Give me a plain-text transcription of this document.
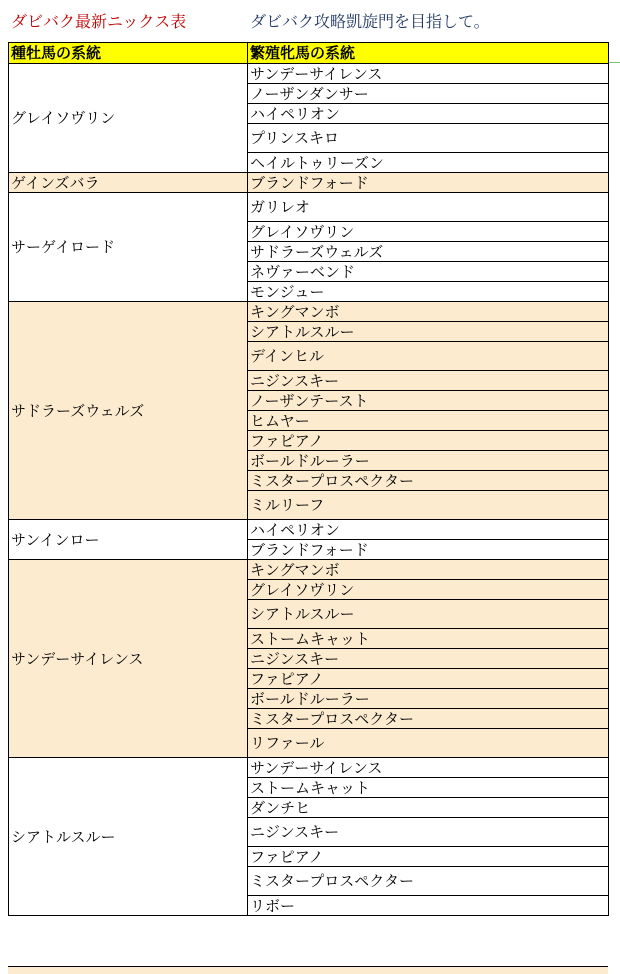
ダビバク最新ニックス表	ダビバク攻略凱旋門を目指して。
種牡馬の系統	繁殖牝馬の系統
グレイソヴリン	サンデーサイレンス
	ノーザンダンサー
	ハイペリオン
	プリンスキロ
	ヘイルトゥリーズン
ゲインズバラ	ブランドフォード
サーゲイロード	ガリレオ
	グレイソヴリン
	サドラーズウェルズ
	ネヴァーベンド
	モンジュー
サドラーズウェルズ	キングマンボ
	シアトルスルー
	デインヒル
	ニジンスキー
	ノーザンテースト
	ヒムヤー
	ファピアノ
	ボールドルーラー
	ミスタープロスペクター
	ミルリーフ
サンインロー	ハイペリオン
	ブランドフォード
サンデーサイレンス	キングマンボ
	グレイソヴリン
	シアトルスルー
	ストームキャット
	ニジンスキー
	ファピアノ
	ボールドルーラー
	ミスタープロスペクター
	リファール
シアトルスルー	サンデーサイレンス
	ストームキャット
	ダンチヒ
	ニジンスキー
	ファピアノ
	ミスタープロスペクター
	リボー
